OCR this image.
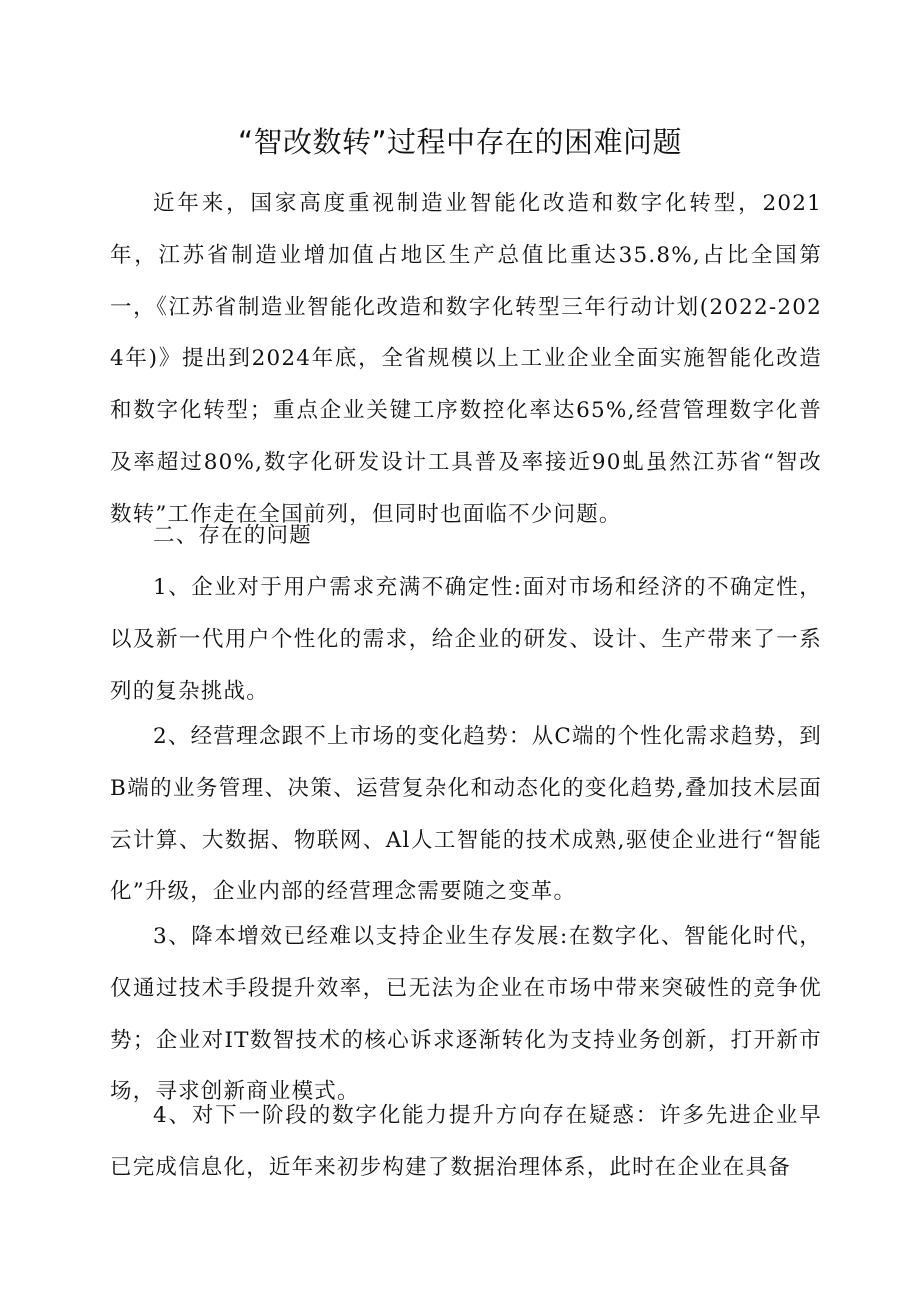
“智改数转”过程中存在的困难问题

近年来，国家高度重视制造业智能化改造和数字化转型，2021年，江苏省制造业增加值占地区生产总值比重达35.8%,占比全国第一，《江苏省制造业智能化改造和数字化转型三年行动计划(2022-2024年)》提出到2024年底，全省规模以上工业企业全面实施智能化改造和数字化转型；重点企业关键工序数控化率达65%,经营管理数字化普及率超过80%,数字化研发设计工具普及率接近90虬虽然江苏省“智改数转”工作走在全国前列，但同时也面临不少问题。

二、存在的问题

1、企业对于用户需求充满不确定性:面对市场和经济的不确定性，以及新一代用户个性化的需求，给企业的研发、设计、生产带来了一系列的复杂挑战。

2、经营理念跟不上市场的变化趋势：从C端的个性化需求趋势，到B端的业务管理、决策、运营复杂化和动态化的变化趋势,叠加技术层面云计算、大数据、物联网、Al人工智能的技术成熟,驱使企业进行“智能化”升级，企业内部的经营理念需要随之变革。

3、降本增效已经难以支持企业生存发展:在数字化、智能化时代，仅通过技术手段提升效率，已无法为企业在市场中带来突破性的竞争优势；企业对IT数智技术的核心诉求逐渐转化为支持业务创新，打开新市场，寻求创新商业模式。

4、对下一阶段的数字化能力提升方向存在疑惑：许多先进企业早已完成信息化，近年来初步构建了数据治理体系，此时在企业在具备
